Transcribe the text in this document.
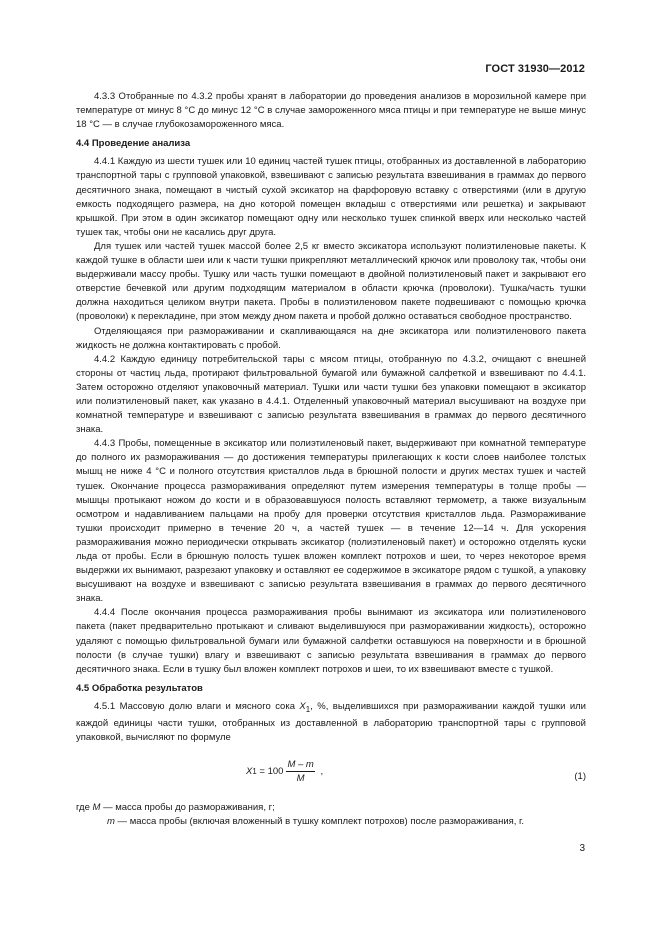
ГОСТ 31930—2012

4.3.3 Отобранные по 4.3.2 пробы хранят в лаборатории до проведения анализов в морозильной камере при температуре от минус 8 °С до минус 12 °С в случае замороженного мяса птицы и при температуре не выше минус 18 °С — в случае глубокозамороженного мяса.

4.4 Проведение анализа

4.4.1 Каждую из шести тушек или 10 единиц частей тушек птицы, отобранных из доставленной в лабораторию транспортной тары с групповой упаковкой, взвешивают с записью результата взвешивания в граммах до первого десятичного знака, помещают в чистый сухой эксикатор на фарфоровую вставку с отверстиями (или в другую емкость подходящего размера, на дно которой помещен вкладыш с отверстиями или решетка) и закрывают крышкой. При этом в один эксикатор помещают одну или несколько тушек спинкой вверх или несколько частей тушек так, чтобы они не касались друг друга.

Для тушек или частей тушек массой более 2,5 кг вместо эксикатора используют полиэтиленовые пакеты. К каждой тушке в области шеи или к части тушки прикрепляют металлический крючок или проволоку так, чтобы они выдерживали массу пробы. Тушку или часть тушки помещают в двойной полиэтиленовый пакет и закрывают его отверстие бечевкой или другим подходящим материалом в области крючка (проволоки). Тушка/часть тушки должна находиться целиком внутри пакета. Пробы в полиэтиленовом пакете подвешивают с помощью крючка (проволоки) к перекладине, при этом между дном пакета и пробой должно оставаться свободное пространство.

Отделяющаяся при размораживании и скапливающаяся на дне эксикатора или полиэтиленового пакета жидкость не должна контактировать с пробой.

4.4.2 Каждую единицу потребительской тары с мясом птицы, отобранную по 4.3.2, очищают с внешней стороны от частиц льда, протирают фильтровальной бумагой или бумажной салфеткой и взвешивают по 4.4.1. Затем осторожно отделяют упаковочный материал. Тушки или части тушки без упаковки помещают в эксикатор или полиэтиленовый пакет, как указано в 4.4.1. Отделенный упаковочный материал высушивают на воздухе при комнатной температуре и взвешивают с записью результата взвешивания в граммах до первого десятичного знака.

4.4.3 Пробы, помещенные в эксикатор или полиэтиленовый пакет, выдерживают при комнатной температуре до полного их размораживания — до достижения температуры прилегающих к кости слоев наиболее толстых мышц не ниже 4 °С и полного отсутствия кристаллов льда в брюшной полости и других местах тушек и частей тушек. Окончание процесса размораживания определяют путем измерения температуры в толще пробы — мышцы протыкают ножом до кости и в образовавшуюся полость вставляют термометр, а также визуальным осмотром и надавливанием пальцами на пробу для проверки отсутствия кристаллов льда. Размораживание тушки происходит примерно в течение 20 ч, а частей тушек — в течение 12—14 ч. Для ускорения размораживания можно периодически открывать эксикатор (полиэтиленовый пакет) и осторожно отделять куски льда от пробы. Если в брюшную полость тушек вложен комплект потрохов и шеи, то через некоторое время выдержки их вынимают, разрезают упаковку и оставляют ее содержимое в эксикаторе рядом с тушкой, а упаковку высушивают на воздухе и взвешивают с записью результата взвешивания в граммах до первого десятичного знака.

4.4.4 После окончания процесса размораживания пробы вынимают из эксикатора или полиэтиленового пакета (пакет предварительно протыкают и сливают выделившуюся при размораживании жидкость), осторожно удаляют с помощью фильтровальной бумаги или бумажной салфетки оставшуюся на поверхности и в брюшной полости (в случае тушки) влагу и взвешивают с записью результата взвешивания в граммах до первого десятичного знака. Если в тушку был вложен комплект потрохов и шеи, то их взвешивают вместе с тушкой.

4.5 Обработка результатов

4.5.1 Массовую долю влаги и мясного сока $X_1$, %, выделившихся при размораживании каждой тушки или каждой единицы части тушки, отобранных из доставленной в лабораторию транспортной тары с групповой упаковкой, вычисляют по формуле

X $1 = 100 \frac{M - m}{M}$ ,	(1)

где M — масса пробы до размораживания, г;

m — масса пробы (включая вложенный в тушку комплект потрохов) после размораживания, г.

3
